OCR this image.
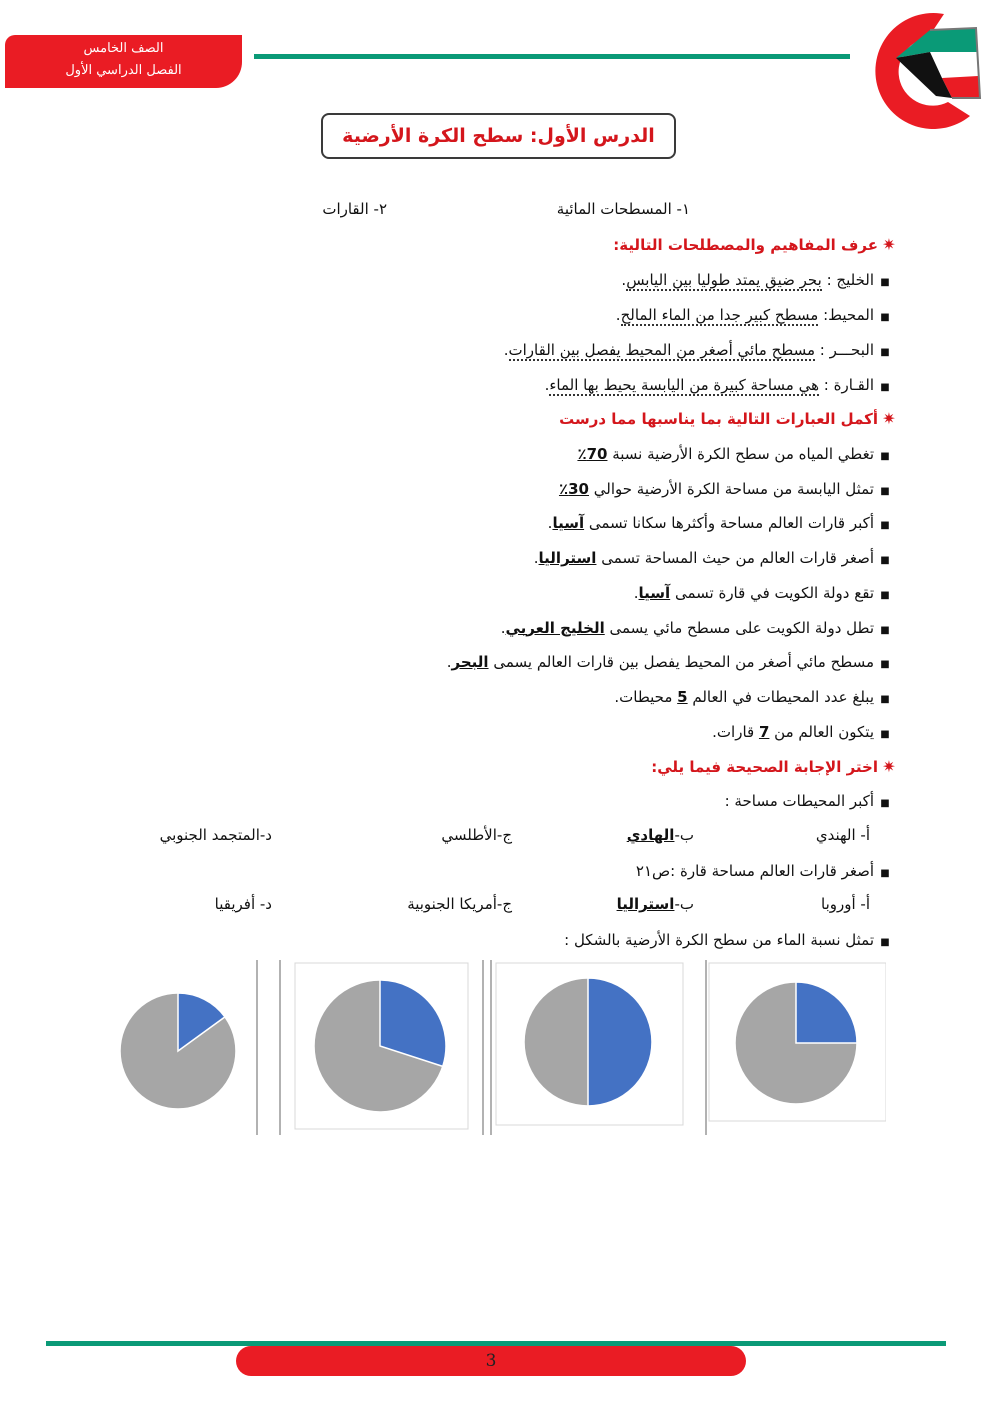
الصف الخامس
الفصل الدراسي الأول
الدرس الأول: سطح الكرة الأرضية
١- المسطحات المائية
٢- القارات
✷عرف المفاهيم والمصطلحات التالية:
■الخليج : بحر ضيق يمتد طوليا بين اليابس.
■المحيط: مسطح كبير جدا من الماء المالح.
■البحـــر : مسطح مائي أصغر من المحيط يفصل بين القارات.
■القـارة : هي مساحة كبيرة من اليابسة يحيط بها الماء.
✷أكمل العبارات التالية بما يناسبها مما درست
■تغطي المياه من سطح الكرة الأرضية نسبة 70٪
■تمثل اليابسة من مساحة الكرة الأرضية حوالي 30٪
■أكبر قارات العالم مساحة وأكثرها سكانا تسمى آسيا.
■أصغر قارات العالم من حيث المساحة تسمى استراليا.
■تقع دولة الكويت في قارة تسمى آسيا.
■تطل دولة الكويت على مسطح مائي يسمى الخليج العربي.
■مسطح مائي أصغر من المحيط يفصل بين قارات العالم يسمى البحر.
■يبلغ عدد المحيطات في العالم 5 محيطات.
■يتكون العالم من 7 قارات.
✷اختر الإجابة الصحيحة فيما يلي:
■أكبر المحيطات مساحة :
أ- الهندي
ب-الهادي
ج-الأطلسي
د-المتجمد الجنوبي
■أصغر قارات العالم مساحة قارة :ص٢١
أ- أوروبا
ب-استراليا
ج-أمريكا الجنوبية
د- أفريقيا
■تمثل نسبة الماء من سطح الكرة الأرضية بالشكل :
3
